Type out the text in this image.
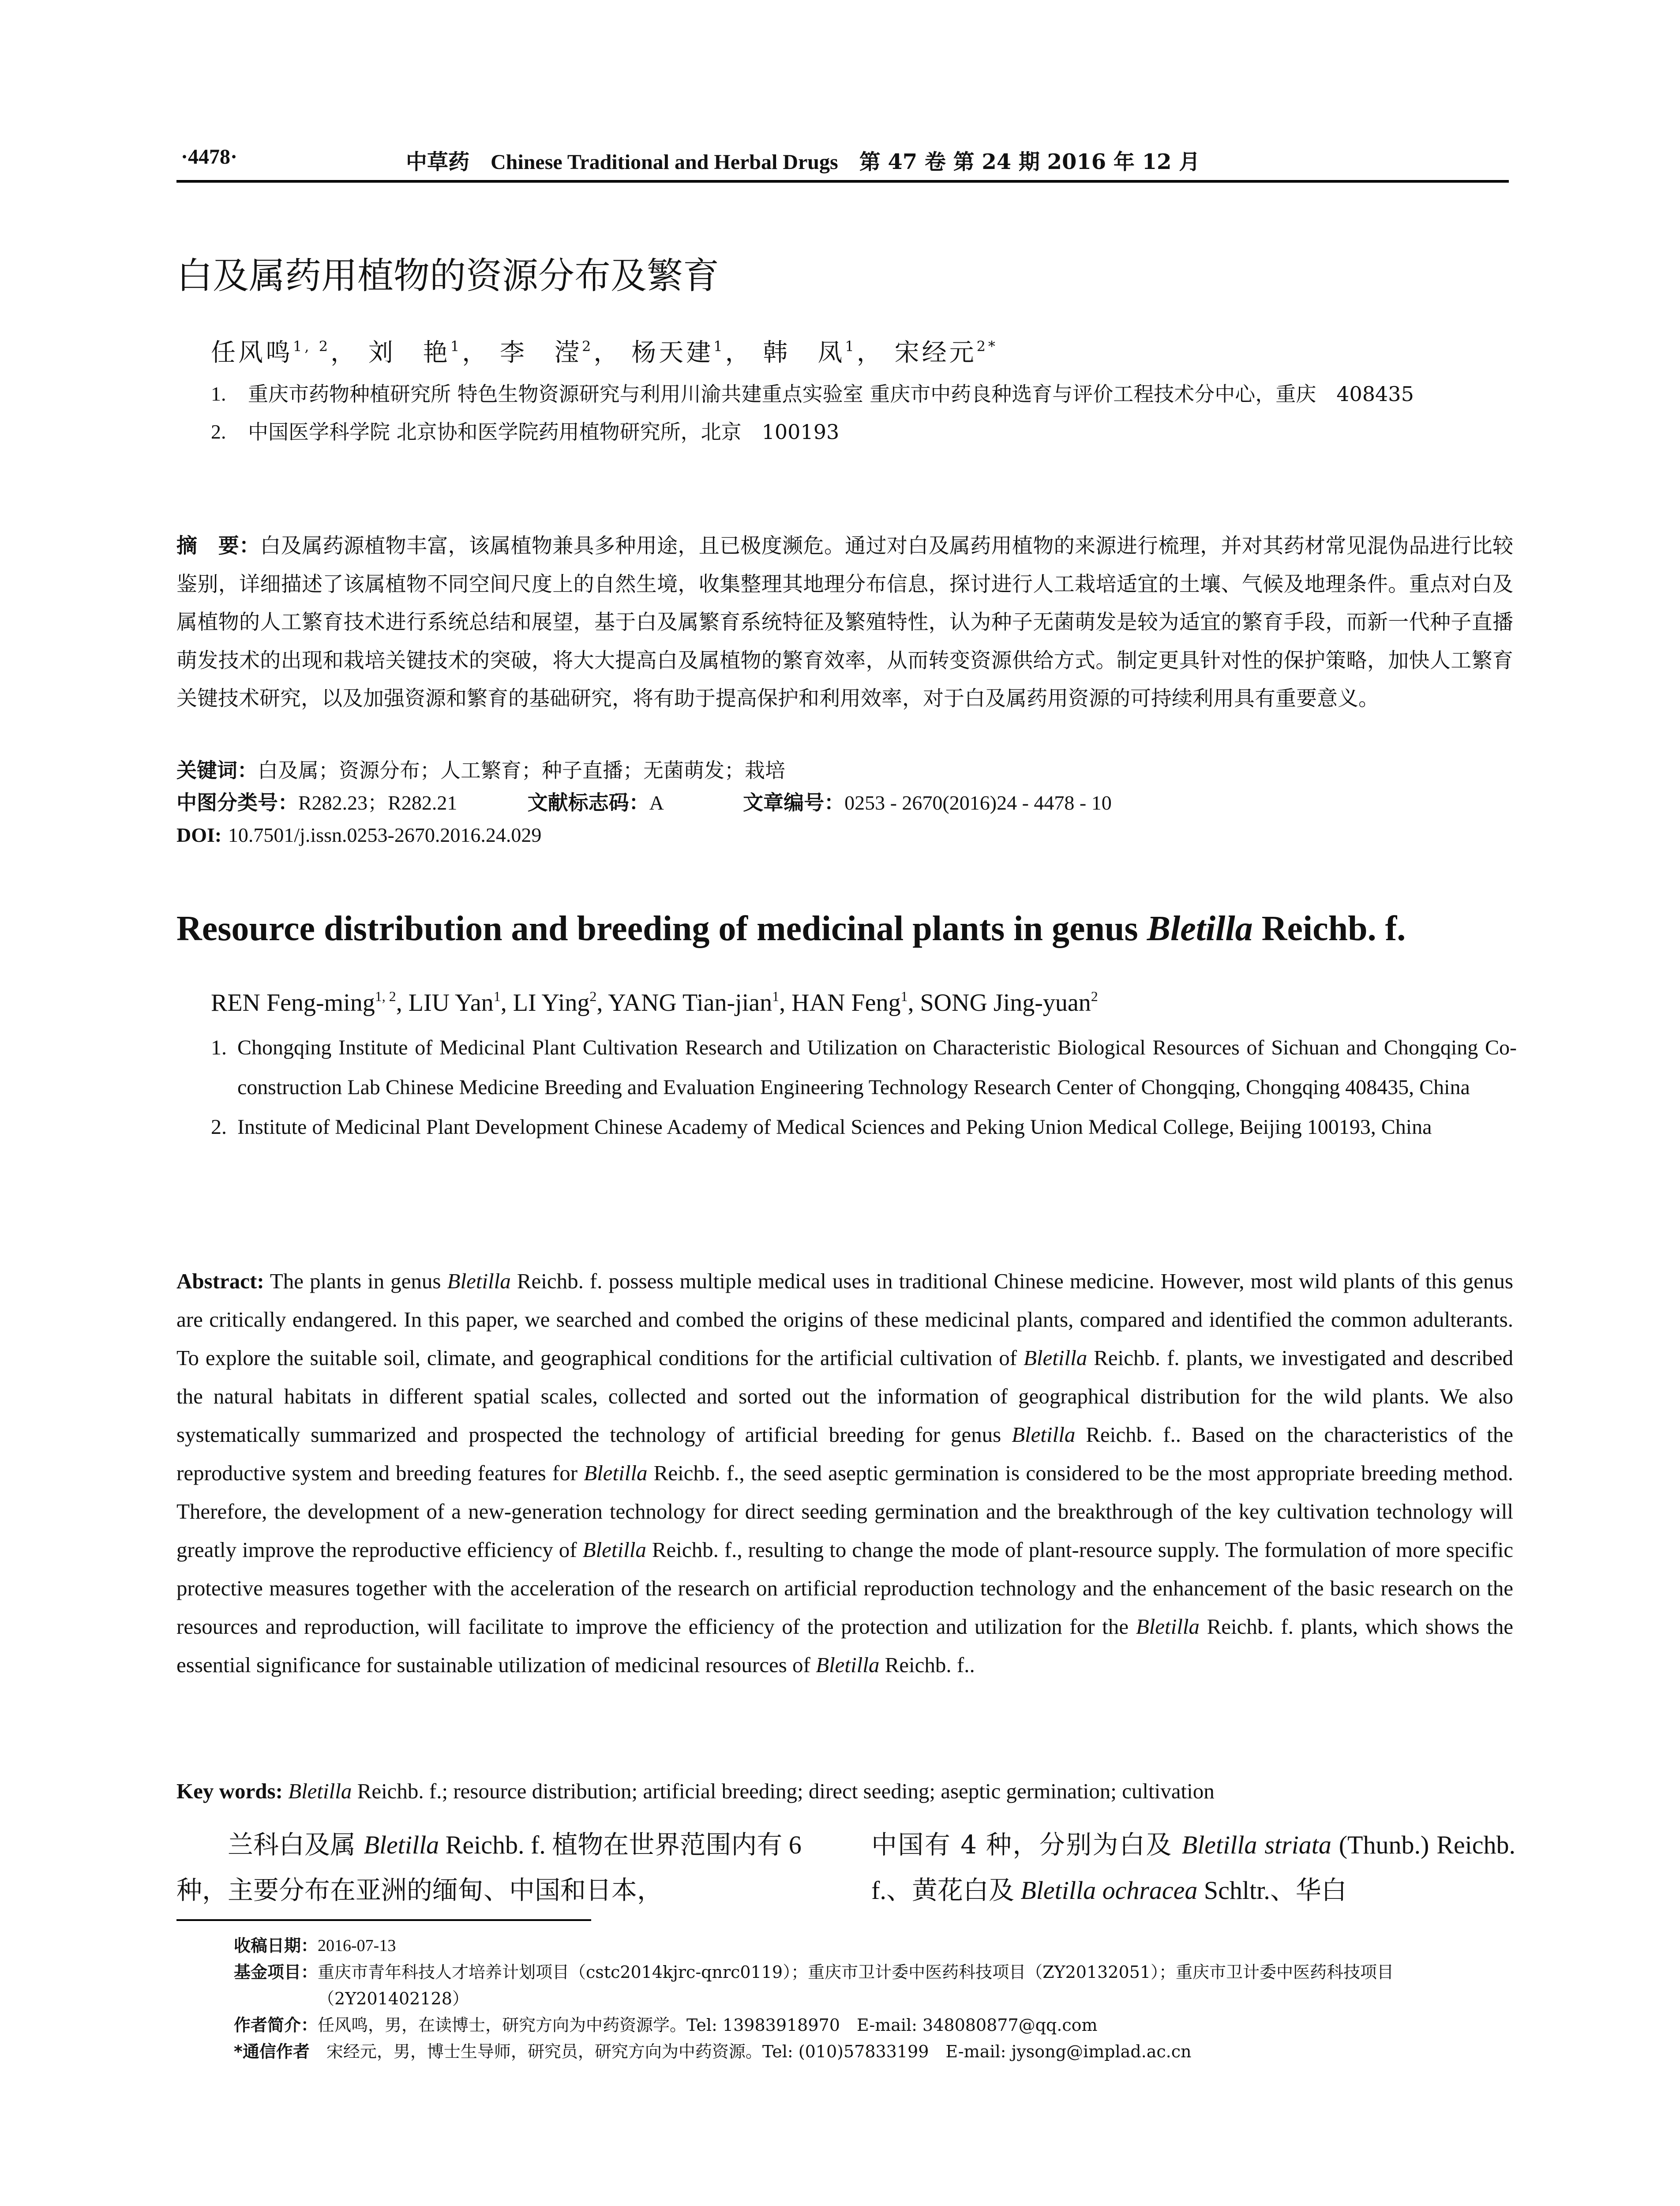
·4478·	中草药 Chinese Traditional and Herbal Drugs 第 47 卷 第 24 期 2016 年 12 月
白及属药用植物的资源分布及繁育
任风鸣$^{1, 2}$， 刘　艳$^1$， 李　滢$^2$， 杨天建$^1$， 韩　凤$^1$， 宋经元$^{2*}$
1. 重庆市药物种植研究所 特色生物资源研究与利用川渝共建重点实验室 重庆市中药良种选育与评价工程技术分中心，重庆　408435
2. 中国医学科学院 北京协和医学院药用植物研究所，北京　100193
摘　要：白及属药源植物丰富，该属植物兼具多种用途，且已极度濒危。通过对白及属药用植物的来源进行梳理，并对其药材常见混伪品进行比较鉴别，详细描述了该属植物不同空间尺度上的自然生境，收集整理其地理分布信息，探讨进行人工栽培适宜的土壤、气候及地理条件。重点对白及属植物的人工繁育技术进行系统总结和展望，基于白及属繁育系统特征及繁殖特性，认为种子无菌萌发是较为适宜的繁育手段，而新一代种子直播萌发技术的出现和栽培关键技术的突破，将大大提高白及属植物的繁育效率，从而转变资源供给方式。制定更具针对性的保护策略，加快人工繁育关键技术研究，以及加强资源和繁育的基础研究，将有助于提高保护和利用效率，对于白及属药用资源的可持续利用具有重要意义。
关键词：白及属；资源分布；人工繁育；种子直播；无菌萌发；栽培
中图分类号：R282.23；R282.21	文献标志码：A	文章编号：0253 - 2670(2016)24 - 4478 - 10
DOI: 10.7501/j.issn.0253-2670.2016.24.029
Resource distribution and breeding of medicinal plants in genus Bletilla Reichb. f.
REN Feng-ming$^{1, 2}$, LIU Yan$^1$, LI Ying$^2$, YANG Tian-jian$^1$, HAN Feng$^1$, SONG Jing-yuan$^2$
1. Chongqing Institute of Medicinal Plant Cultivation Research and Utilization on Characteristic Biological Resources of Sichuan and Chongqing Co-construction Lab Chinese Medicine Breeding and Evaluation Engineering Technology Research Center of Chongqing, Chongqing 408435, China
2. Institute of Medicinal Plant Development Chinese Academy of Medical Sciences and Peking Union Medical College, Beijing 100193, China
Abstract: The plants in genus Bletilla Reichb. f. possess multiple medical uses in traditional Chinese medicine. However, most wild plants of this genus are critically endangered. In this paper, we searched and combed the origins of these medicinal plants, compared and identified the common adulterants. To explore the suitable soil, climate, and geographical conditions for the artificial cultivation of Bletilla Reichb. f. plants, we investigated and described the natural habitats in different spatial scales, collected and sorted out the information of geographical distribution for the wild plants. We also systematically summarized and prospected the technology of artificial breeding for genus Bletilla Reichb. f.. Based on the characteristics of the reproductive system and breeding features for Bletilla Reichb. f., the seed aseptic germination is considered to be the most appropriate breeding method. Therefore, the development of a new-generation technology for direct seeding germination and the breakthrough of the key cultivation technology will greatly improve the reproductive efficiency of Bletilla Reichb. f., resulting to change the mode of plant-resource supply. The formulation of more specific protective measures together with the acceleration of the research on artificial reproduction technology and the enhancement of the basic research on the resources and reproduction, will facilitate to improve the efficiency of the protection and utilization for the Bletilla Reichb. f. plants, which shows the essential significance for sustainable utilization of medicinal resources of Bletilla Reichb. f..
Key words: Bletilla Reichb. f.; resource distribution; artificial breeding; direct seeding; aseptic germination; cultivation
　　兰科白及属 Bletilla Reichb. f. 植物在世界范围内有 6 种，主要分布在亚洲的缅甸、中国和日本，
中国有 4 种，分别为白及 Bletilla striata (Thunb.) Reichb. f.、黄花白及 Bletilla ochracea Schltr.、华白
收稿日期： 2016-07-13
基金项目： 重庆市青年科技人才培养计划项目（cstc2014kjrc-qnrc0119）；重庆市卫计委中医药科技项目（ZY20132051）；重庆市卫计委中医药科技项目（2Y201402128）
作者简介： 任风鸣，男，在读博士，研究方向为中药资源学。Tel: 13983918970　E-mail: 348080877@qq.com
*通信作者　 宋经元，男，博士生导师，研究员，研究方向为中药资源。Tel: (010)57833199　E-mail: jysong@implad.ac.cn
